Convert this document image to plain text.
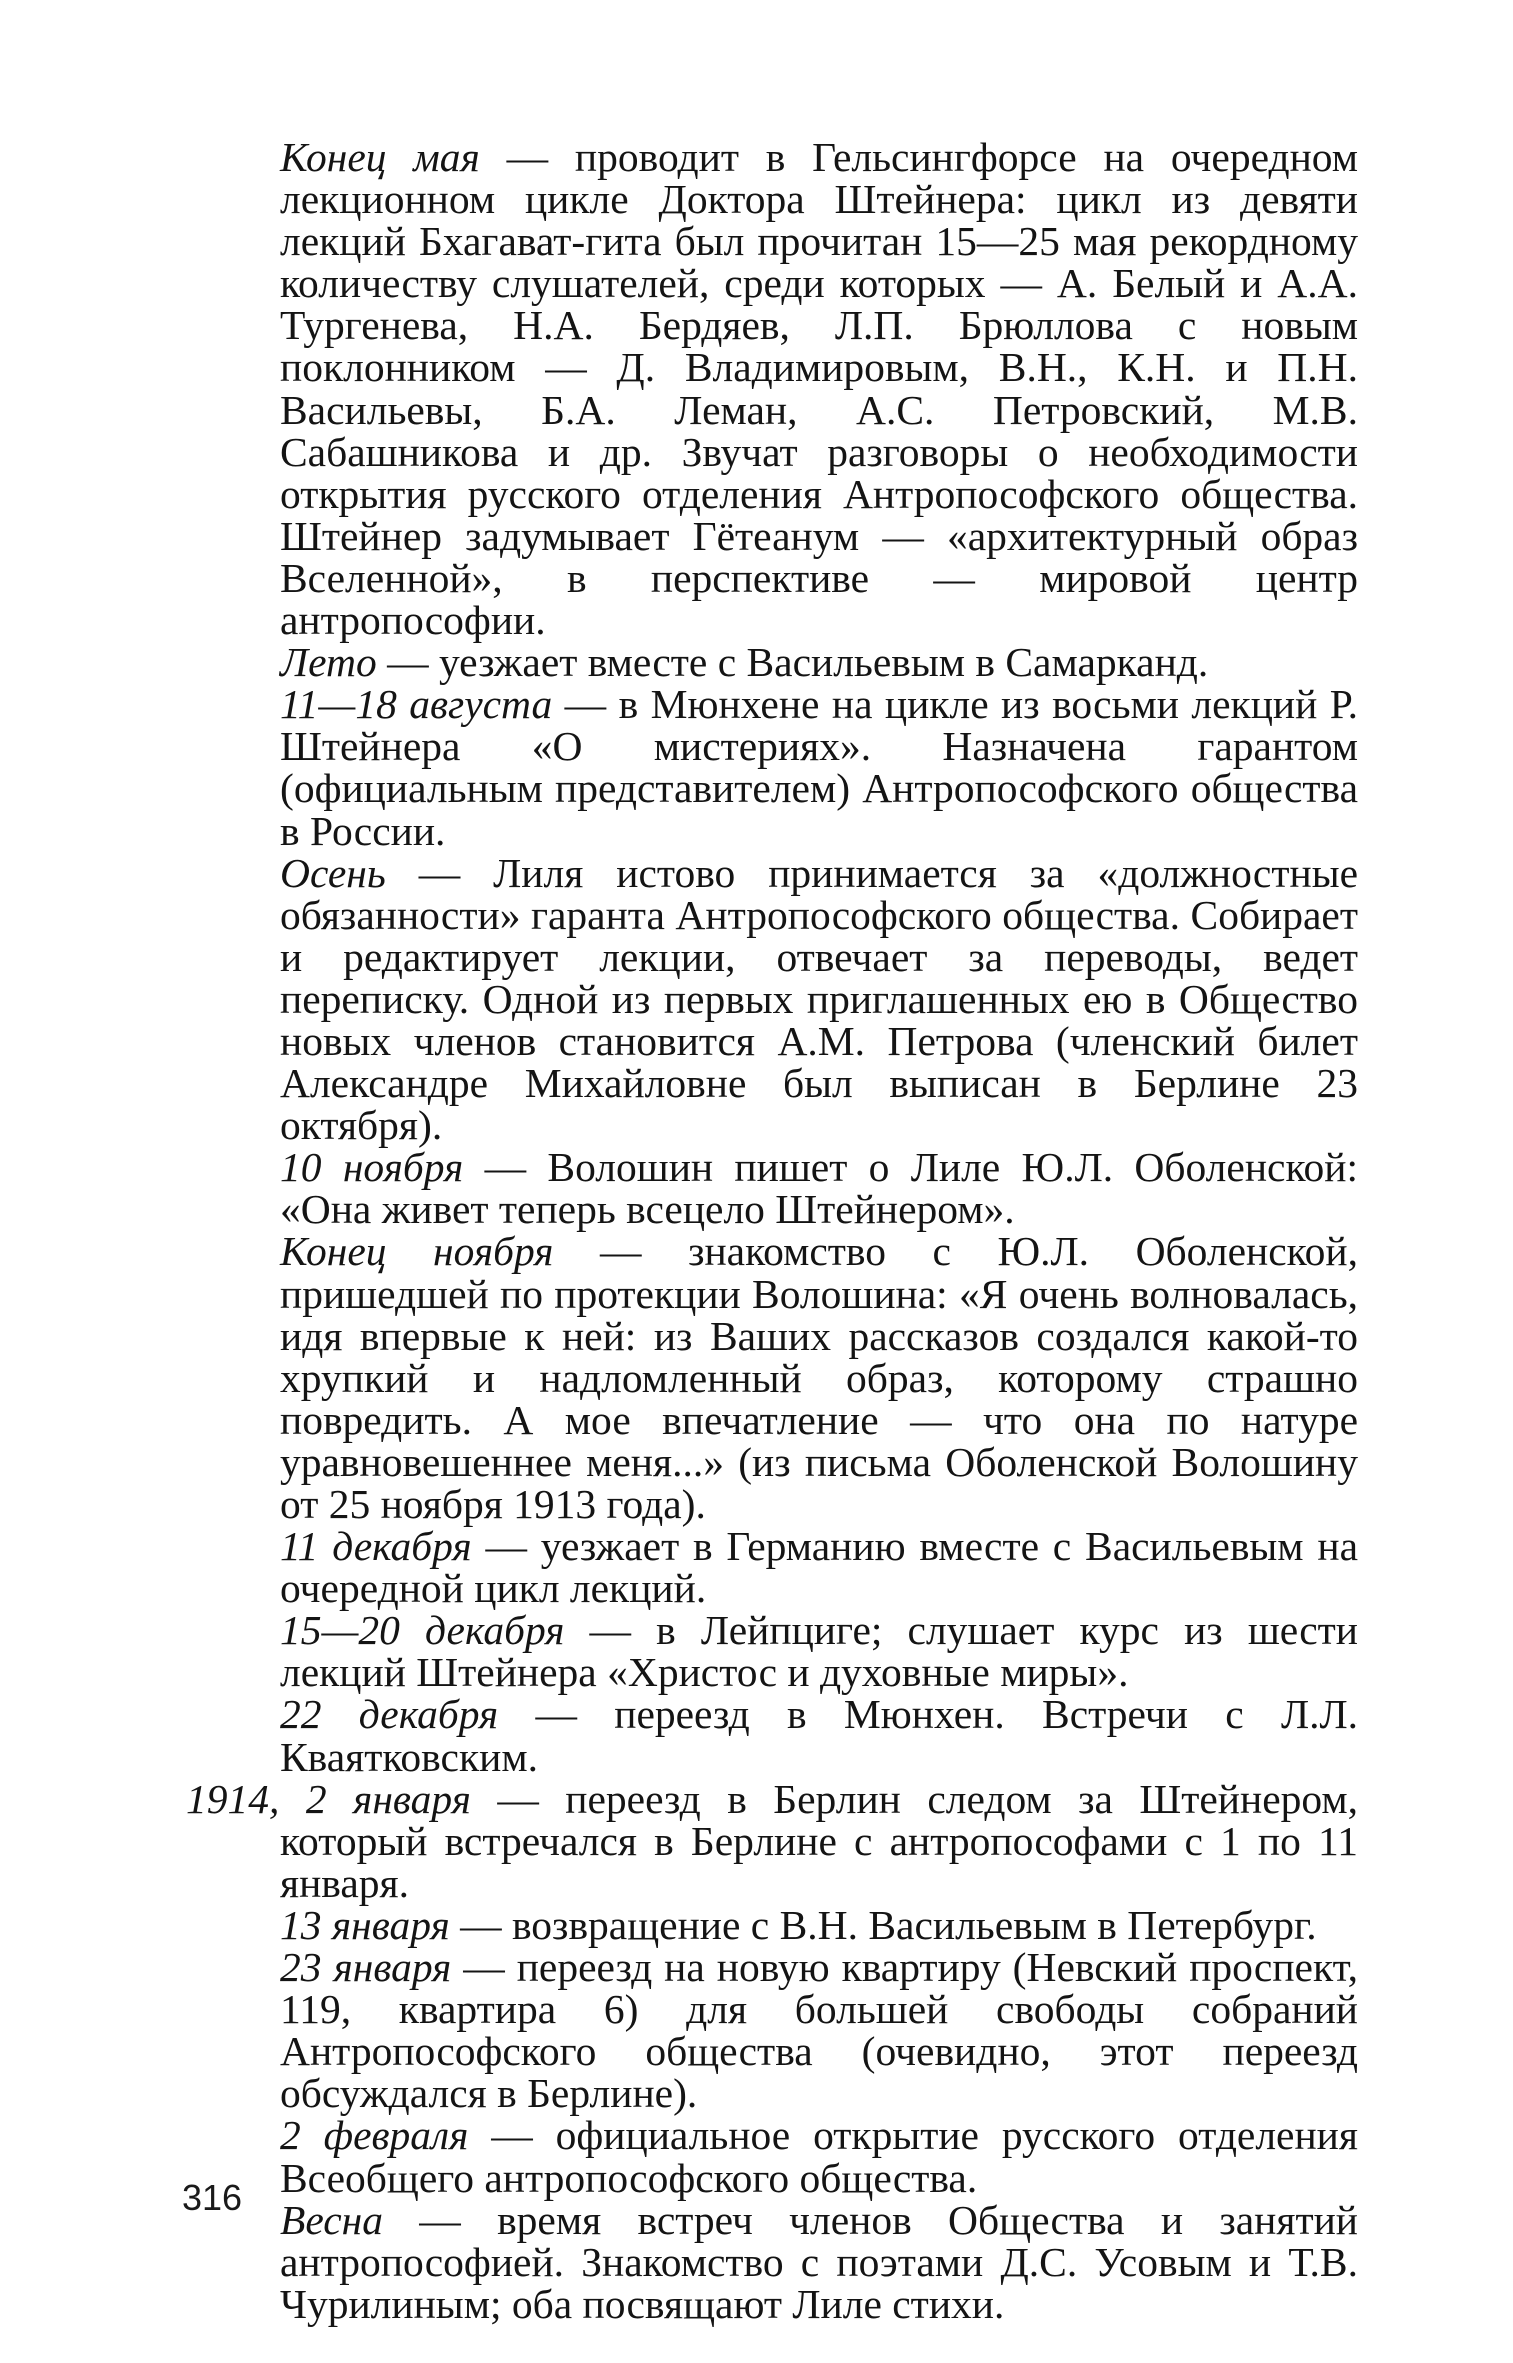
Конец мая — проводит в Гельсингфорсе на очередном лекционном цикле Доктора Штейнера: цикл из девяти лекций Бхагават-гита был прочитан 15—25 мая рекордному количеству слушателей, среди которых — А. Белый и А.А. Тургенева, Н.А. Бердяев, Л.П. Брюллова с новым поклонником — Д. Владимировым, В.Н., К.Н. и П.Н. Васильевы, Б.А. Леман, А.С. Петровский, М.В. Сабашникова и др. Звучат разговоры о необходимости открытия русского отделения Антропософского общества. Штейнер задумывает Гётеанум — «архитектурный образ Вселенной», в перспективе — мировой центр антропософии.

Лето — уезжает вместе с Васильевым в Самарканд.

11—18 августа — в Мюнхене на цикле из восьми лекций Р. Штейнера «О мистериях». Назначена гарантом (официальным представителем) Антропософского общества в России.

Осень — Лиля истово принимается за «должностные обязанности» гаранта Антропософского общества. Собирает и редактирует лекции, отвечает за переводы, ведет переписку. Одной из первых приглашенных ею в Общество новых членов становится А.М. Петрова (членский билет Александре Михайловне был выписан в Берлине 23 октября).

10 ноября — Волошин пишет о Лиле Ю.Л. Оболенской: «Она живет теперь всецело Штейнером».

Конец ноября — знакомство с Ю.Л. Оболенской, пришедшей по протекции Волошина: «Я очень волновалась, идя впервые к ней: из Ваших рассказов создался какой-то хрупкий и надломленный образ, которому страшно повредить. А мое впечатление — что она по натуре уравновешеннее меня...» (из письма Оболенской Волошину от 25 ноября 1913 года).

11 декабря — уезжает в Германию вместе с Васильевым на очередной цикл лекций.

15—20 декабря — в Лейпциге; слушает курс из шести лекций Штейнера «Христос и духовные миры».

22 декабря — переезд в Мюнхен. Встречи с Л.Л. Кваятковским.

1914, 2 января — переезд в Берлин следом за Штейнером, который встречался в Берлине с антропософами с 1 по 11 января.

13 января — возвращение с В.Н. Васильевым в Петербург.

23 января — переезд на новую квартиру (Невский проспект, 119, квартира 6) для большей свободы собраний Антропософского общества (очевидно, этот переезд обсуждался в Берлине).

2 февраля — официальное открытие русского отделения Всеобщего антропософского общества.

Весна — время встреч членов Общества и занятий антропософией. Знакомство с поэтами Д.С. Усовым и Т.В. Чурилиным; оба посвящают Лиле стихи.

316
